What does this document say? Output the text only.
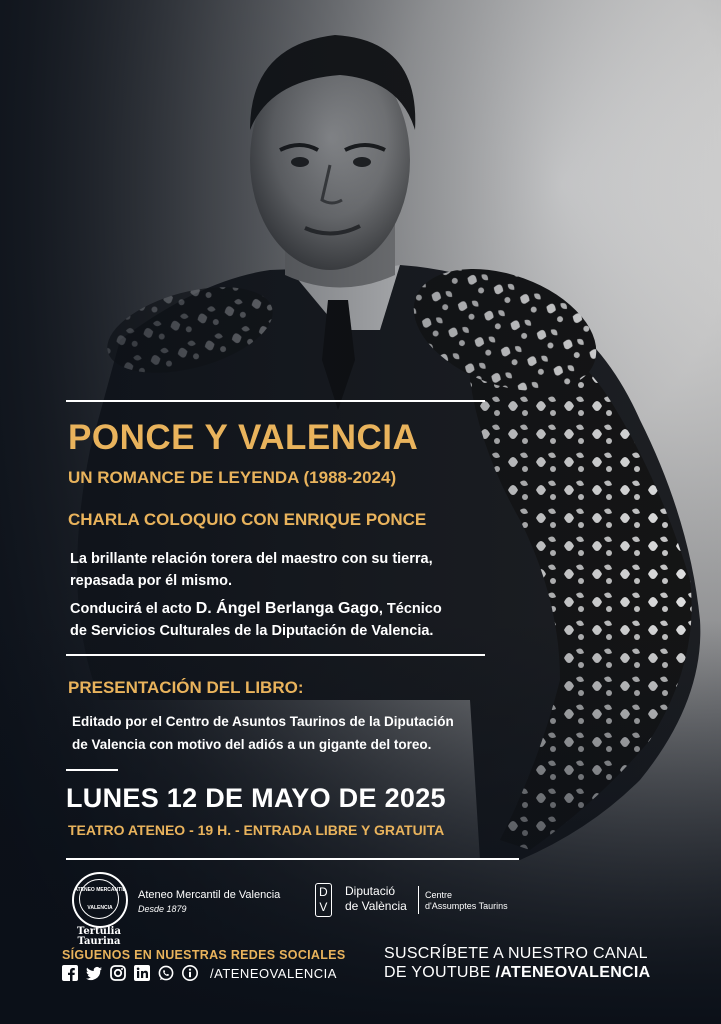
PONCE Y VALENCIA
UN ROMANCE DE LEYENDA (1988-2024)
CHARLA COLOQUIO CON ENRIQUE PONCE
La brillante relación torera del maestro con su tierra,
repasada por él mismo.
Conducirá el acto D. Ángel Berlanga Gago, Técnico
de Servicios Culturales de la Diputación de Valencia.
PRESENTACIÓN DEL LIBRO:
Editado por el Centro de Asuntos Taurinos de la Diputación
de Valencia con motivo del adiós a un gigante del toreo.
LUNES 12 DE MAYO DE 2025
TEATRO ATENEO - 19 H. - ENTRADA LIBRE Y GRATUITA
ATENEO MERCANTIL
VALENCIA
Tertulia
Taurina
Ateneo Mercantil de Valencia
Desde 1879
D
V
Diputació
de València
Centre
d'Assumptes Taurins
SÍGUENOS EN NUESTRAS REDES SOCIALES
/ATENEOVALENCIA
SUSCRÍBETE A NUESTRO CANAL
DE YOUTUBE /ATENEOVALENCIA
